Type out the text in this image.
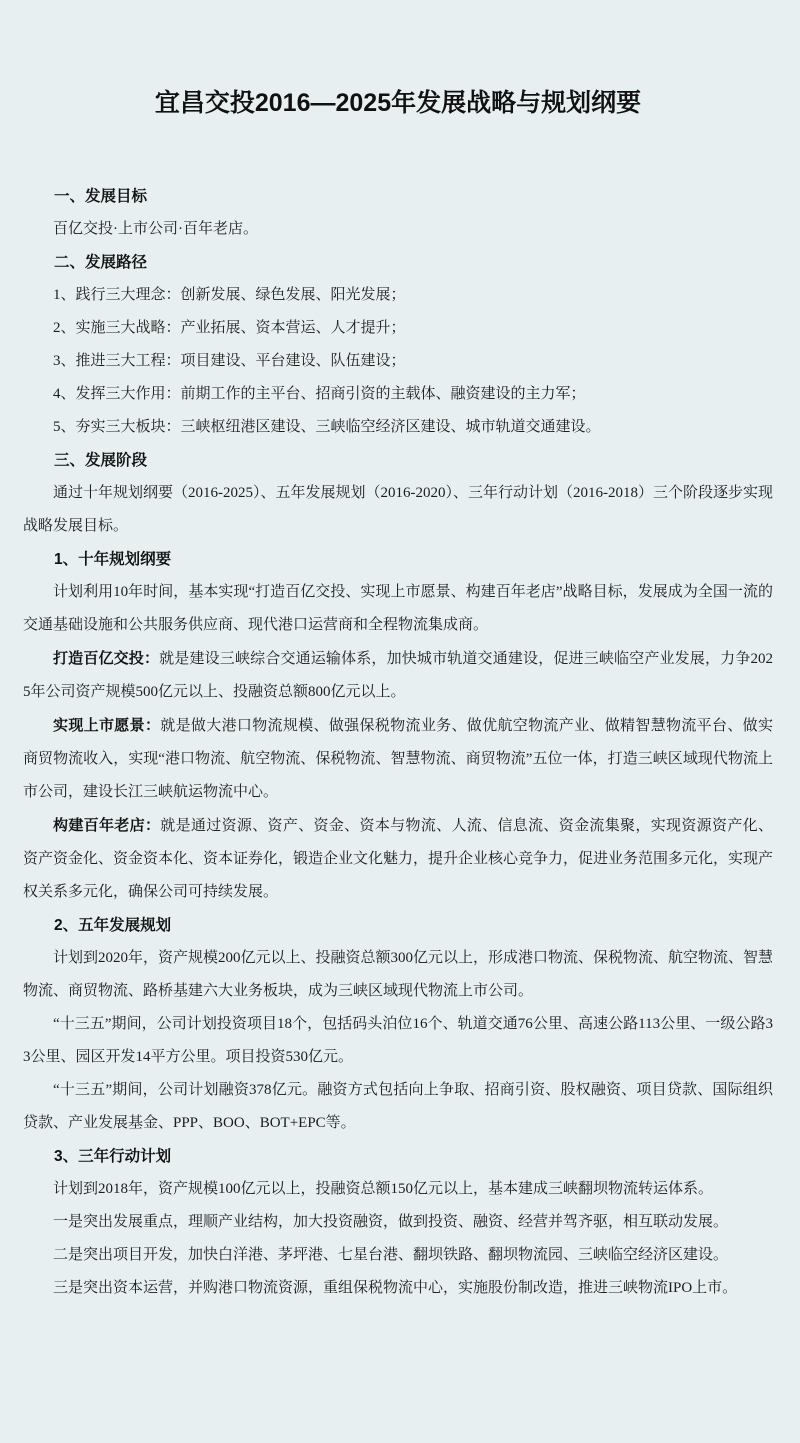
宜昌交投2016—2025年发展战略与规划纲要
一、发展目标

百亿交投·上市公司·百年老店。

二、发展路径

1、践行三大理念：创新发展、绿色发展、阳光发展；

2、实施三大战略：产业拓展、资本营运、人才提升；

3、推进三大工程：项目建设、平台建设、队伍建设；

4、发挥三大作用：前期工作的主平台、招商引资的主载体、融资建设的主力军；

5、夯实三大板块：三峡枢纽港区建设、三峡临空经济区建设、城市轨道交通建设。

三、发展阶段

通过十年规划纲要（2016-2025）、五年发展规划（2016-2020）、三年行动计划（2016-2018）三个阶段逐步实现战略发展目标。

1、十年规划纲要

计划利用10年时间，基本实现“打造百亿交投、实现上市愿景、构建百年老店”战略目标，发展成为全国一流的交通基础设施和公共服务供应商、现代港口运营商和全程物流集成商。

打造百亿交投：就是建设三峡综合交通运输体系，加快城市轨道交通建设，促进三峡临空产业发展，力争2025年公司资产规模500亿元以上、投融资总额800亿元以上。

实现上市愿景：就是做大港口物流规模、做强保税物流业务、做优航空物流产业、做精智慧物流平台、做实商贸物流收入，实现“港口物流、航空物流、保税物流、智慧物流、商贸物流”五位一体，打造三峡区域现代物流上市公司，建设长江三峡航运物流中心。

构建百年老店：就是通过资源、资产、资金、资本与物流、人流、信息流、资金流集聚，实现资源资产化、资产资金化、资金资本化、资本证券化，锻造企业文化魅力，提升企业核心竞争力，促进业务范围多元化，实现产权关系多元化，确保公司可持续发展。

2、五年发展规划

计划到2020年，资产规模200亿元以上、投融资总额300亿元以上，形成港口物流、保税物流、航空物流、智慧物流、商贸物流、路桥基建六大业务板块，成为三峡区域现代物流上市公司。

“十三五”期间，公司计划投资项目18个，包括码头泊位16个、轨道交通76公里、高速公路113公里、一级公路33公里、园区开发14平方公里。项目投资530亿元。

“十三五”期间，公司计划融资378亿元。融资方式包括向上争取、招商引资、股权融资、项目贷款、国际组织贷款、产业发展基金、PPP、BOO、BOT+EPC等。

3、三年行动计划

计划到2018年，资产规模100亿元以上，投融资总额150亿元以上，基本建成三峡翻坝物流转运体系。

一是突出发展重点，理顺产业结构，加大投资融资，做到投资、融资、经营并驾齐驱，相互联动发展。

二是突出项目开发，加快白洋港、茅坪港、七星台港、翻坝铁路、翻坝物流园、三峡临空经济区建设。

三是突出资本运营，并购港口物流资源，重组保税物流中心，实施股份制改造，推进三峡物流IPO上市。
